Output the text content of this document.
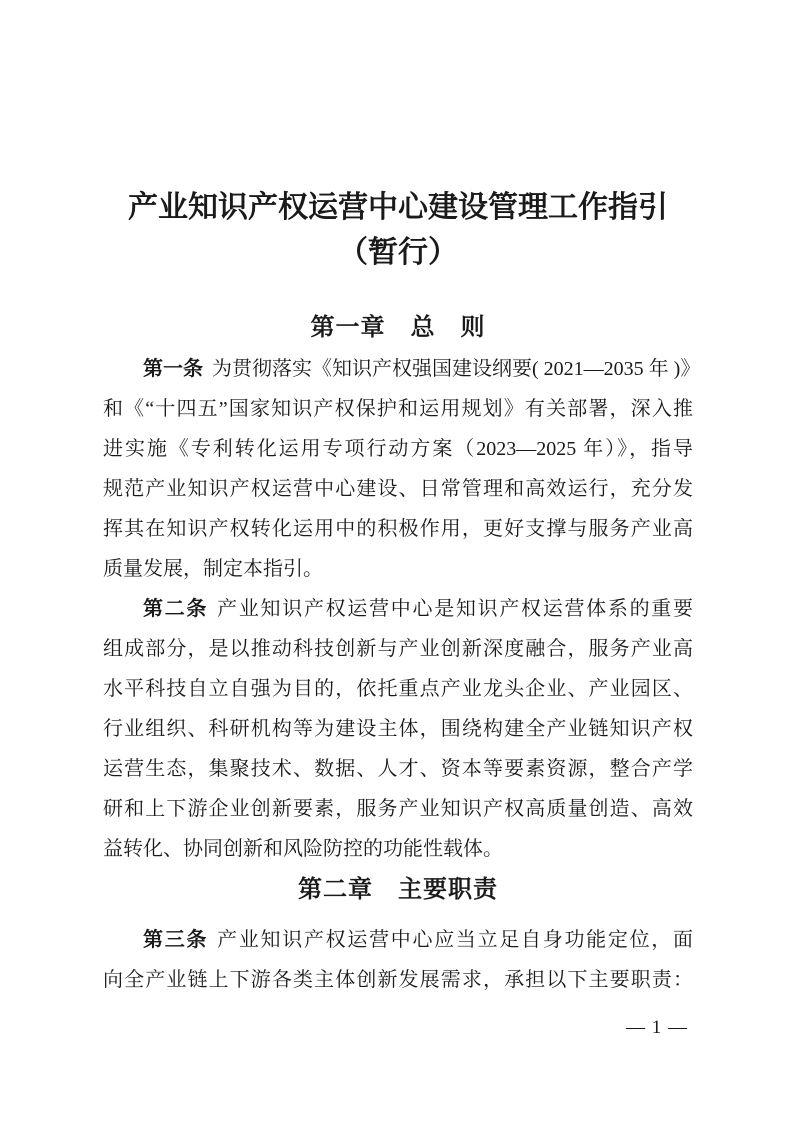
产业知识产权运营中心建设管理工作指引
（暂行）
第一章　总　则
第一条 为贯彻落实《知识产权强国建设纲要( 2021—2035 年 )》
和《“十四五”国家知识产权保护和运用规划》有关部署，深入推
进实施《专利转化运用专项行动方案（2023—2025 年）》，指导
规范产业知识产权运营中心建设、日常管理和高效运行，充分发
挥其在知识产权转化运用中的积极作用，更好支撑与服务产业高
质量发展，制定本指引。
第二条 产业知识产权运营中心是知识产权运营体系的重要
组成部分，是以推动科技创新与产业创新深度融合，服务产业高
水平科技自立自强为目的，依托重点产业龙头企业、产业园区、
行业组织、科研机构等为建设主体，围绕构建全产业链知识产权
运营生态，集聚技术、数据、人才、资本等要素资源，整合产学
研和上下游企业创新要素，服务产业知识产权高质量创造、高效
益转化、协同创新和风险防控的功能性载体。
第二章　主要职责
第三条 产业知识产权运营中心应当立足自身功能定位，面
向全产业链上下游各类主体创新发展需求，承担以下主要职责：
— 1 —
